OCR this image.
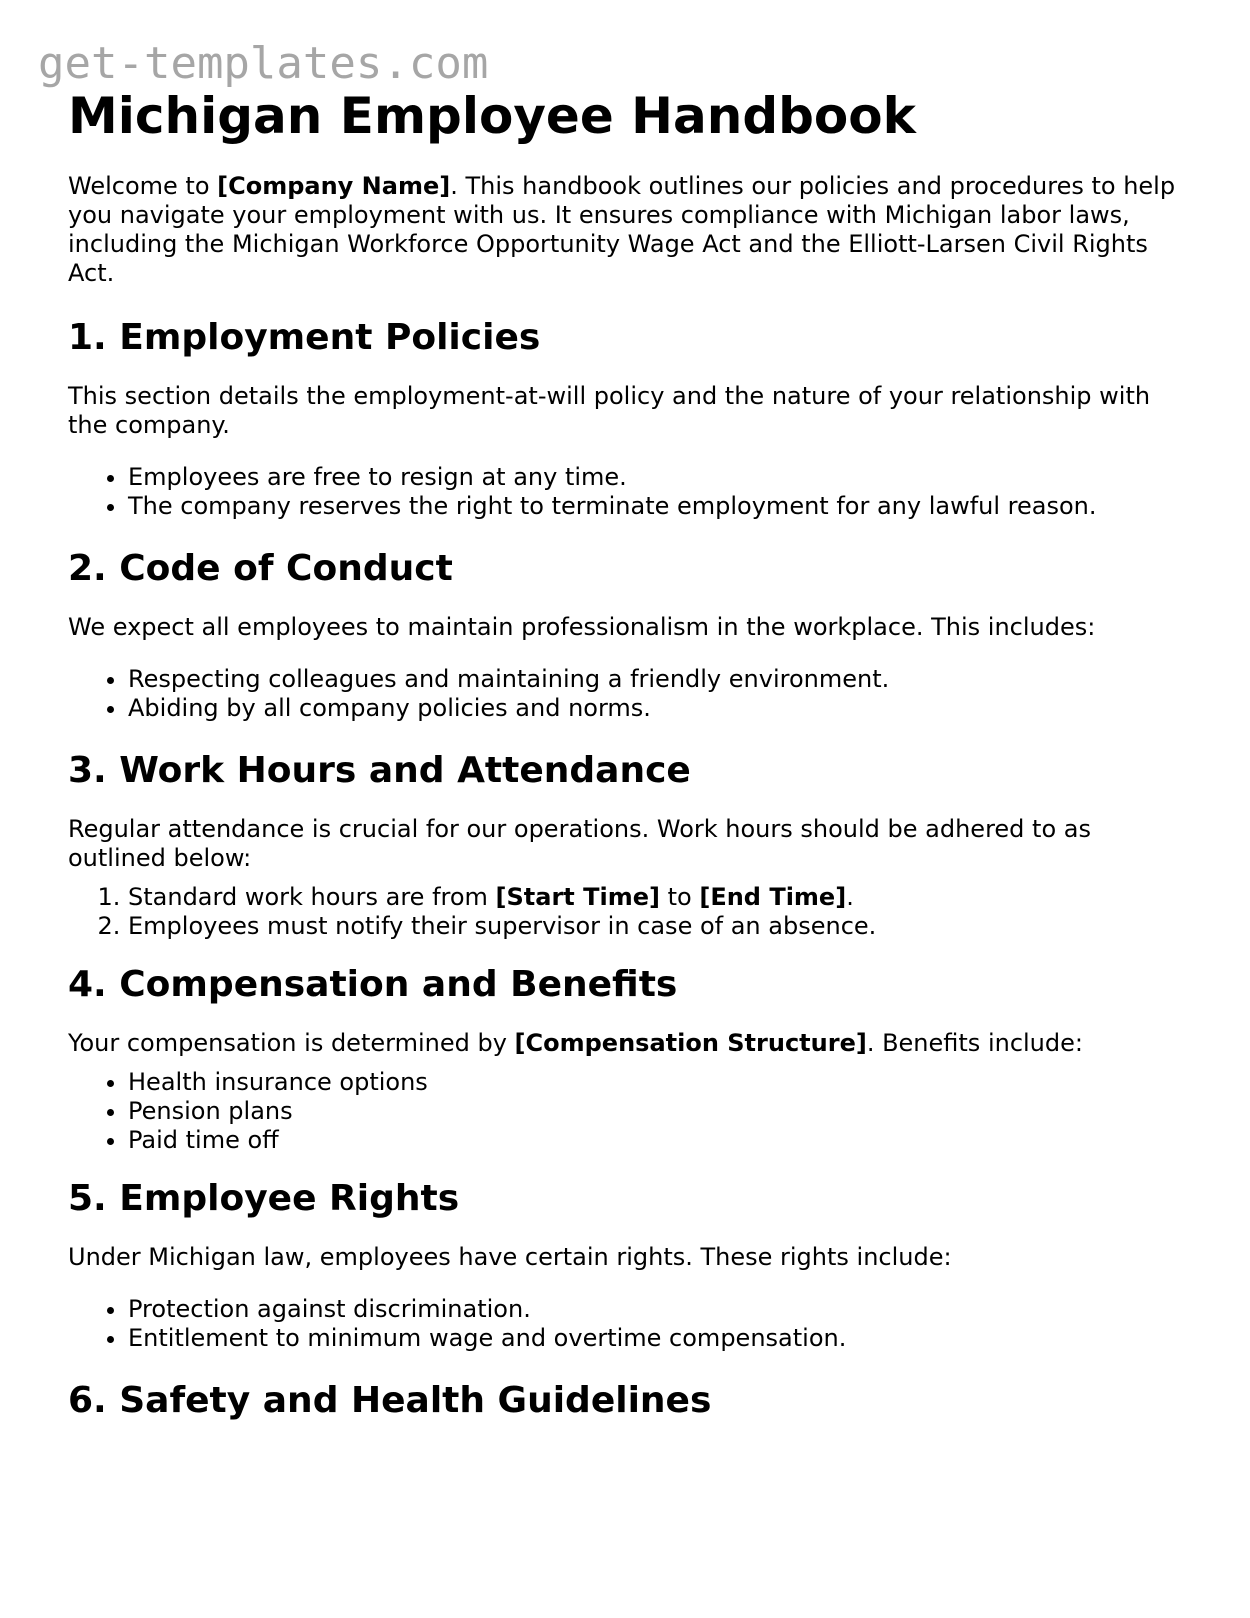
get-templates.com
Michigan Employee Handbook

Welcome to [Company Name]. This handbook outlines our policies and procedures to help you navigate your employment with us. It ensures compliance with Michigan labor laws, including the Michigan Workforce Opportunity Wage Act and the Elliott-Larsen Civil Rights Act.

1. Employment Policies

This section details the employment-at-will policy and the nature of your relationship with the company.

• Employees are free to resign at any time.
• The company reserves the right to terminate employment for any lawful reason.
2. Code of Conduct

We expect all employees to maintain professionalism in the workplace. This includes:

• Respecting colleagues and maintaining a friendly environment.
• Abiding by all company policies and norms.
3. Work Hours and Attendance

Regular attendance is crucial for our operations. Work hours should be adhered to as outlined below:

1. Standard work hours are from [Start Time] to [End Time].
2. Employees must notify their supervisor in case of an absence.
4. Compensation and Benefits

Your compensation is determined by [Compensation Structure]. Benefits include:

• Health insurance options
• Pension plans
• Paid time off
5. Employee Rights

Under Michigan law, employees have certain rights. These rights include:

• Protection against discrimination.
• Entitlement to minimum wage and overtime compensation.
6. Safety and Health Guidelines
